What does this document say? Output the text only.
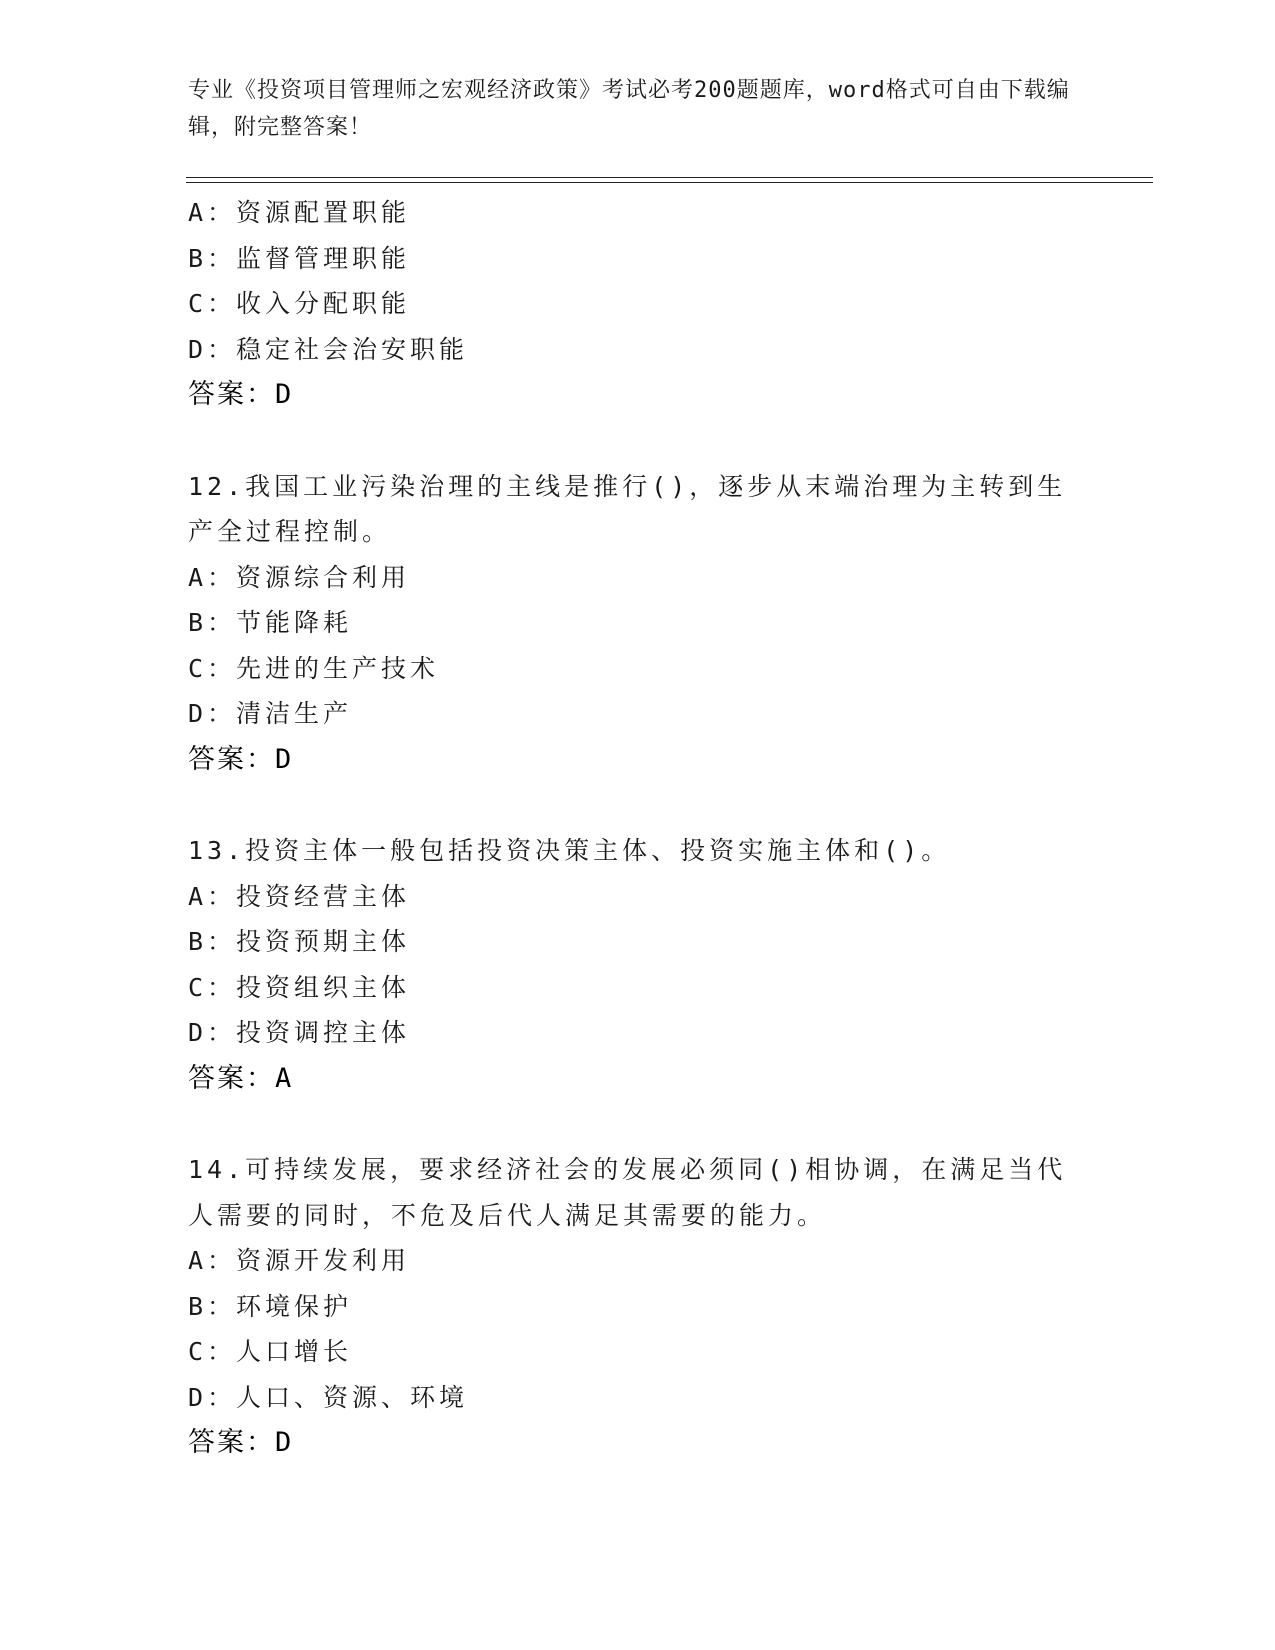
专业《投资项目管理师之宏观经济政策》考试必考200题题库，word格式可自由下载编辑，附完整答案！
A：资源配置职能
B：监督管理职能
C：收入分配职能
D：稳定社会治安职能
答案：D
12.我国工业污染治理的主线是推行()，逐步从末端治理为主转到生产全过程控制。
A：资源综合利用
B：节能降耗
C：先进的生产技术
D：清洁生产
答案：D
13.投资主体一般包括投资决策主体、投资实施主体和()。
A：投资经营主体
B：投资预期主体
C：投资组织主体
D：投资调控主体
答案：A
14.可持续发展，要求经济社会的发展必须同()相协调，在满足当代人需要的同时，不危及后代人满足其需要的能力。
A：资源开发利用
B：环境保护
C：人口增长
D：人口、资源、环境
答案：D
